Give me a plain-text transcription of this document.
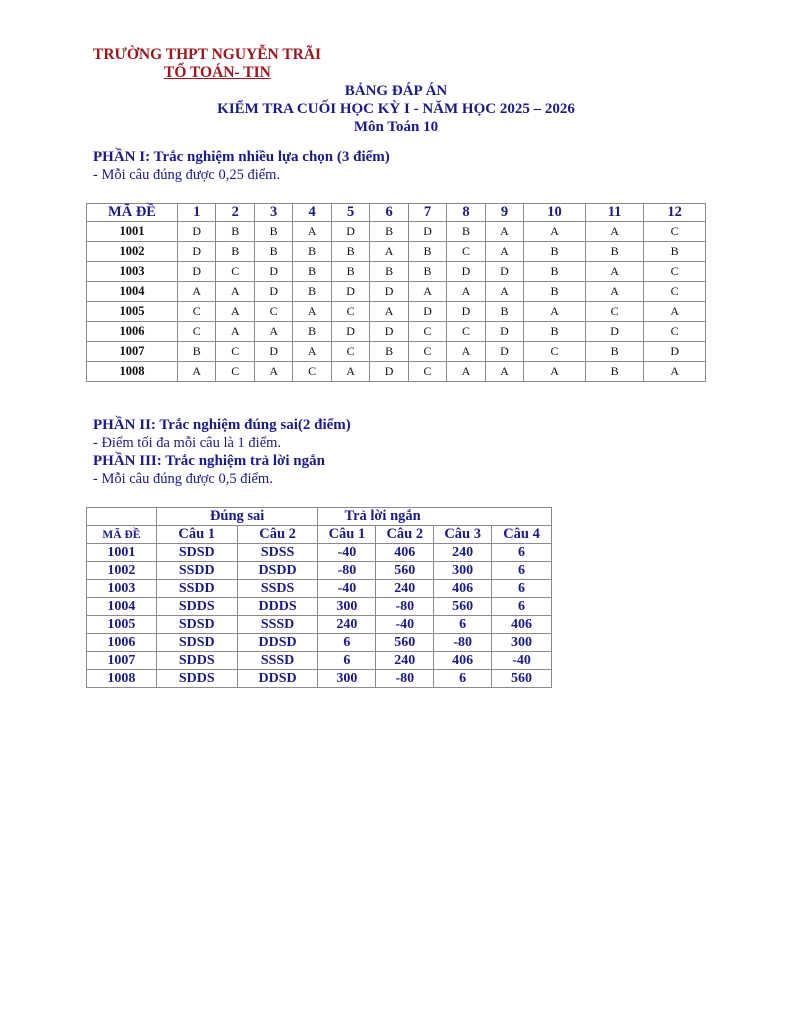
TRƯỜNG THPT NGUYỄN TRÃI
TỔ TOÁN- TIN
BẢNG ĐÁP ÁN
KIỂM TRA CUỐI HỌC KỲ I - NĂM HỌC 2025 – 2026
Môn Toán 10
PHẦN I: Trắc nghiệm nhiều lựa chọn (3 điểm)
- Mỗi câu đúng được 0,25 điểm.
MÃ ĐỀ	1	2	3	4	5	6	7	8	9	10	11	12
1001	D	B	B	A	D	B	D	B	A	A	A	C
1002	D	B	B	B	B	A	B	C	A	B	B	B
1003	D	C	D	B	B	B	B	D	D	B	A	C
1004	A	A	D	B	D	D	A	A	A	B	A	C
1005	C	A	C	A	C	A	D	D	B	A	C	A
1006	C	A	A	B	D	D	C	C	D	B	D	C
1007	B	C	D	A	C	B	C	A	D	C	B	D
1008	A	C	A	C	A	D	C	A	A	A	B	A
PHẦN II: Trắc nghiệm đúng sai(2 điểm)
- Điểm tối đa mỗi câu là 1 điểm.
PHẦN III: Trắc nghiệm trả lời ngắn
- Mỗi câu đúng được 0,5 điểm.
	Đúng sai		Trả lời ngắn			
MÃ ĐỀ	Câu 1	Câu 2	Câu 1	Câu 2	Câu 3	Câu 4
1001	SDSD	SDSS	-40	406	240	6
1002	SSDD	DSDD	-80	560	300	6
1003	SSDD	SSDS	-40	240	406	6
1004	SDDS	DDDS	300	-80	560	6
1005	SDSD	SSSD	240	-40	6	406
1006	SDSD	DDSD	6	560	-80	300
1007	SDDS	SSSD	6	240	406	-40
1008	SDDS	DDSD	300	-80	6	560
